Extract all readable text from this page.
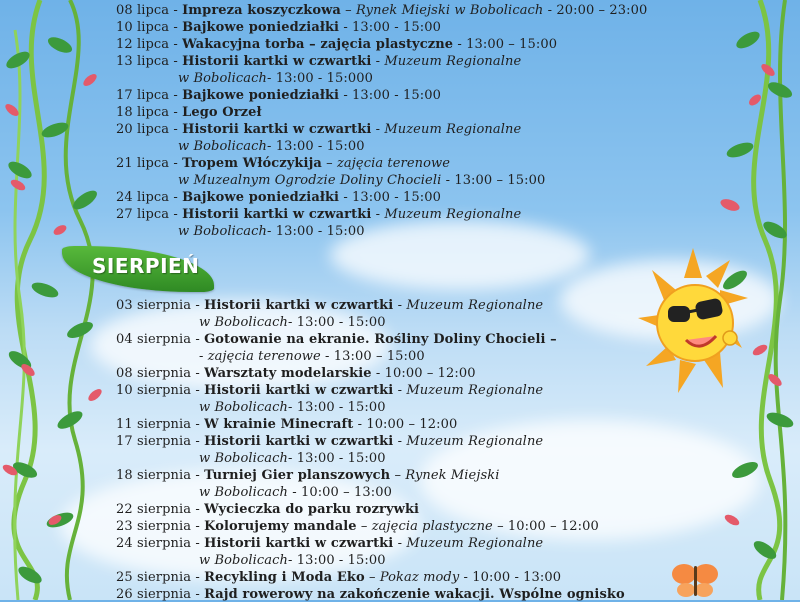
08 lipca - Impreza koszyczkowa – Rynek Miejski w Bobolicach - 20:00 – 23:00
10 lipca - Bajkowe poniedziałki - 13:00 - 15:00
12 lipca - Wakacyjna torba – zajęcia plastyczne - 13:00 – 15:00
13 lipca - Historii kartki w czwartki - Muzeum Regionalne
w Bobolicach- 13:00 - 15:000
17 lipca - Bajkowe poniedziałki - 13:00 - 15:00
18 lipca - Lego Orzeł
20 lipca - Historii kartki w czwartki - Muzeum Regionalne
w Bobolicach- 13:00 - 15:00
21 lipca - Tropem Włóczykija – zajęcia terenowe
w Muzealnym Ogrodzie Doliny Chocieli - 13:00 – 15:00
24 lipca - Bajkowe poniedziałki - 13:00 - 15:00
27 lipca - Historii kartki w czwartki - Muzeum Regionalne
w Bobolicach- 13:00 - 15:00
SIERPIEŃ
03 sierpnia - Historii kartki w czwartki - Muzeum Regionalne
w Bobolicach- 13:00 - 15:00
04 sierpnia - Gotowanie na ekranie. Rośliny Doliny Chocieli –
- zajęcia terenowe - 13:00 – 15:00
08 sierpnia - Warsztaty modelarskie - 10:00 – 12:00
10 sierpnia - Historii kartki w czwartki - Muzeum Regionalne
w Bobolicach- 13:00 - 15:00
11 sierpnia - W krainie Minecraft - 10:00 – 12:00
17 sierpnia - Historii kartki w czwartki - Muzeum Regionalne
w Bobolicach- 13:00 - 15:00
18 sierpnia - Turniej Gier planszowych – Rynek Miejski
w Bobolicach - 10:00 – 13:00
22 sierpnia - Wycieczka do parku rozrywki
23 sierpnia - Kolorujemy mandale – zajęcia plastyczne – 10:00 – 12:00
24 sierpnia - Historii kartki w czwartki - Muzeum Regionalne
w Bobolicach- 13:00 - 15:00
25 sierpnia - Recykling i Moda Eko – Pokaz mody - 10:00 - 13:00
26 sierpnia - Rajd rowerowy na zakończenie wakacji. Wspólne ognisko
